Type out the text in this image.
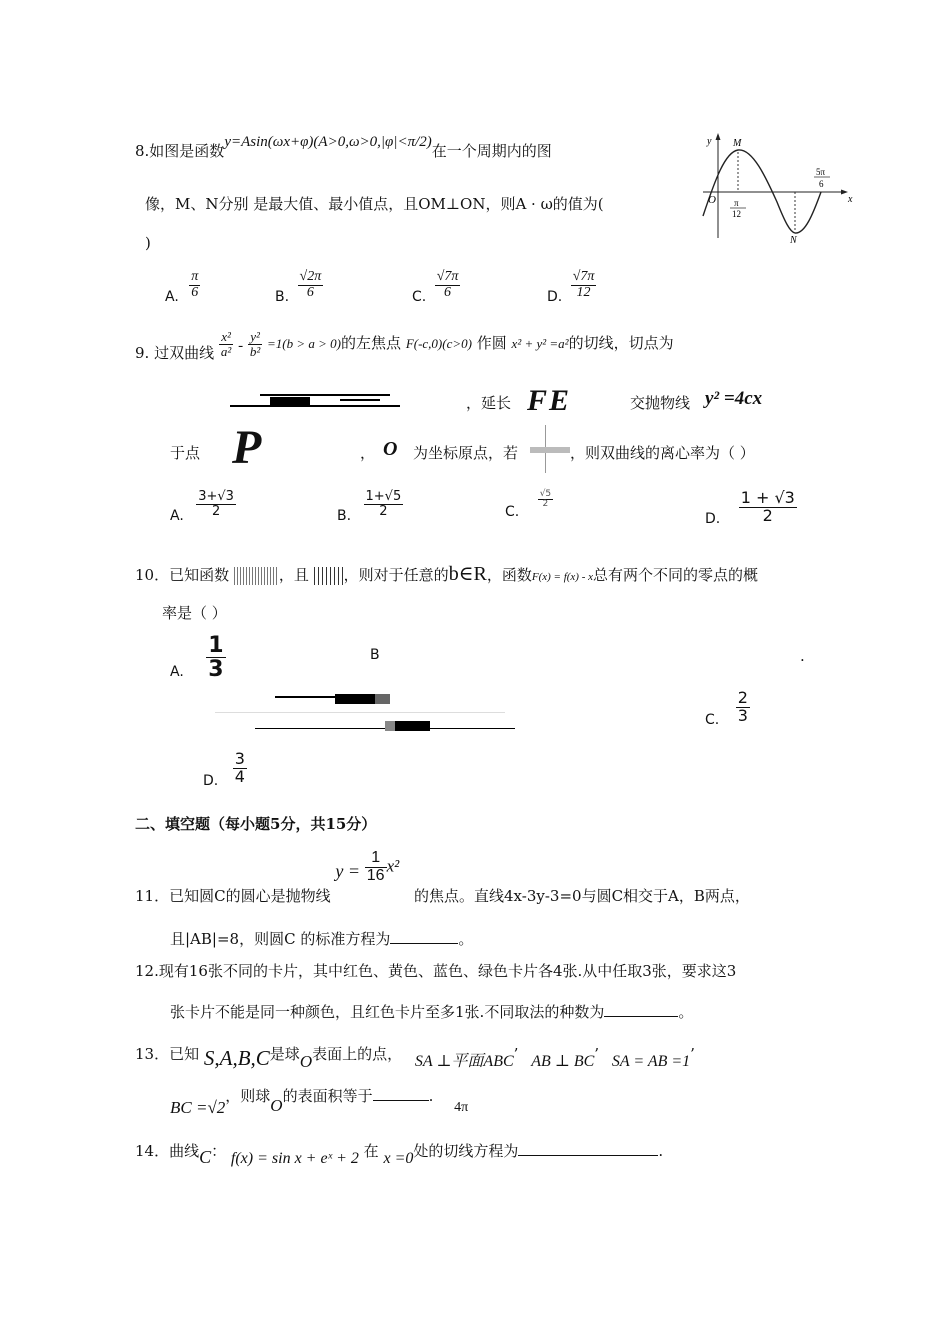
8.如图是函数y=Asin(ωx+φ)(A>0,ω>0,|φ|<π/2)在一个周期内的图
像，M、N分别 是最大值、最小值点，且OM⊥ON，则A · ω的值为(
)
y
x
O
M
N
π
12
5π
6
A. $\frac{\pi}{6}$	B. $\frac{√2\pi}{6}$	C. $\frac{√7\pi}{6}$	D. $\frac{√7\pi}{12}$
9. 过双曲线 $\frac{\text{x²}}{\text{a²}} - \frac{\text{y²}}{\text{b²}} =1(b > a > 0)$的左焦点 F(-c,0)(c>0) 作圆 x² + y² =a²的切线，切点为
，延长 FE	交抛物线 y² =4cx
于点 P	， O 为坐标原点，若	，则双曲线的离心率为（ ）
A. $\frac{3+√3}{2}$	B. $\frac{1+√5}{2}$	C.
$\frac{√5}{2}$
D. $\frac{1 + √3}{2}$
10．已知函数	，且 ，则对于任意的b∈R，函数F(x) = f(x) - x总有两个不同的零点的概
率是（ ）
A. $\frac{1}{3}$	B	.
C. $\frac{2}{3}$
D. $\frac{3}{4}$
二、填空题（每小题5分，共15分）
11．已知圆C的圆心是抛物线 $y = \frac{1}{16} x^2$ 的焦点。直线4x-3y-3=0与圆C相交于A，B两点，
且|AB|=8，则圆C 的标准方程为	。
12.现有16张不同的卡片，其中红色、黄色、蓝色、绿色卡片各4张.从中任取3张，要求这3
张卡片不能是同一种颜色，且红色卡片至多1张.不同取法的种数为	。
13．已知 S,A,B,C是球O表面上的点， SA ⊥平面ABC’ AB ⊥ BC’ SA = AB =1’
BC =√2，则球O的表面积等于	. 4π
14．曲线C： f(x) = sin x + eˣ + 2 在 x =0处的切线方程为	.
